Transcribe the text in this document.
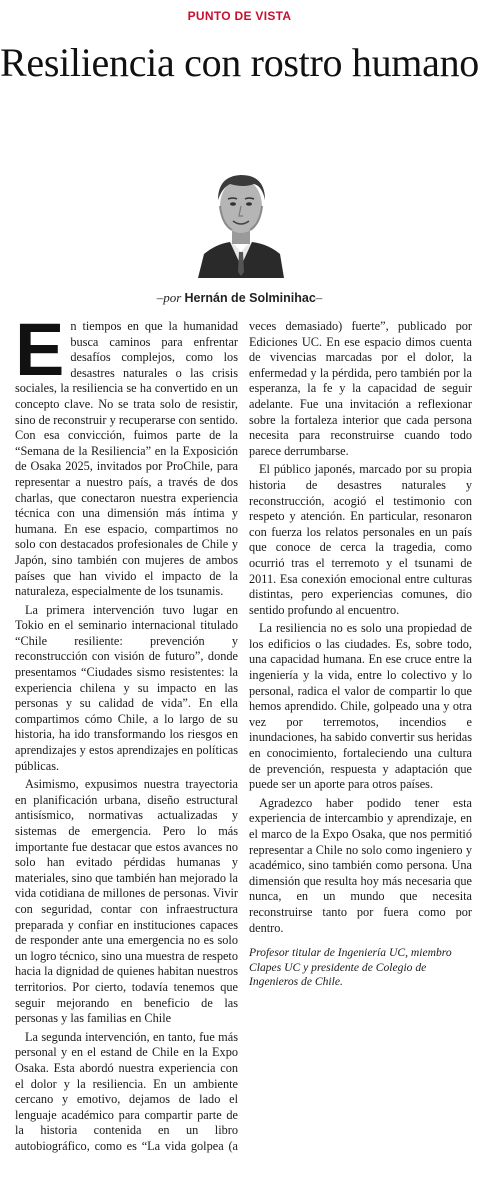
PUNTO DE VISTA
Resiliencia con rostro humano
–por Hernán de Solminihac–

En tiempos en que la humanidad busca caminos para enfrentar desafíos complejos, como los desastres naturales o las crisis sociales, la resiliencia se ha convertido en un concepto clave. No se trata solo de resistir, sino de reconstruir y recuperarse con sentido. Con esa convicción, fuimos parte de la “Semana de la Resiliencia” en la Exposición de Osaka 2025, invitados por ProChile, para representar a nuestro país, a través de dos charlas, que conectaron nuestra experiencia técnica con una dimensión más íntima y humana. En ese espacio, compartimos no solo con destacados profesionales de Chile y Japón, sino también con mujeres de ambos países que han vivido el impacto de la naturaleza, especialmente de los tsunamis.

La primera intervención tuvo lugar en Tokio en el seminario internacional titulado “Chile resiliente: prevención y reconstrucción con visión de futuro”, donde presentamos “Ciudades sismo resistentes: la experiencia chilena y su impacto en las personas y su calidad de vida”. En ella compartimos cómo Chile, a lo largo de su historia, ha ido transformando los riesgos en aprendizajes y estos aprendizajes en políticas públicas.

Asimismo, expusimos nuestra trayectoria en planificación urbana, diseño estructural antisísmico, normativas actualizadas y sistemas de emergencia. Pero lo más importante fue destacar que estos avances no solo han evitado pérdidas humanas y materiales, sino que también han mejorado la vida cotidiana de millones de personas. Vivir con seguridad, contar con infraestructura preparada y confiar en instituciones capaces de responder ante una emergencia no es solo un logro técnico, sino una muestra de respeto hacia la dignidad de quienes habitan nuestros territorios. Por cierto, todavía tenemos que seguir mejorando en beneficio de las personas y las familias en Chile

La segunda intervención, en tanto, fue más personal y en el estand de Chile en la Expo Osaka. Esta abordó nuestra experiencia con el dolor y la resiliencia. En un ambiente cercano y emotivo, dejamos de lado el lenguaje académico para compartir parte de la historia contenida en un libro autobiográfico, como es “La vida golpea (a veces demasiado) fuerte”, publicado por Ediciones UC. En ese espacio dimos cuenta de vivencias marcadas por el dolor, la enfermedad y la pérdida, pero también por la esperanza, la fe y la capacidad de seguir adelante. Fue una invitación a reflexionar sobre la fortaleza interior que cada persona necesita para reconstruirse cuando todo parece derrumbarse.

El público japonés, marcado por su propia historia de desastres naturales y reconstrucción, acogió el testimonio con respeto y atención. En particular, resonaron con fuerza los relatos personales en un país que conoce de cerca la tragedia, como ocurrió tras el terremoto y el tsunami de 2011. Esa conexión emocional entre culturas distintas, pero experiencias comunes, dio sentido profundo al encuentro.

La resiliencia no es solo una propiedad de los edificios o las ciudades. Es, sobre todo, una capacidad humana. En ese cruce entre la ingeniería y la vida, entre lo colectivo y lo personal, radica el valor de compartir lo que hemos aprendido. Chile, golpeado una y otra vez por terremotos, incendios e inundaciones, ha sabido convertir sus heridas en conocimiento, fortaleciendo una cultura de prevención, respuesta y adaptación que puede ser un aporte para otros países.

Agradezco haber podido tener esta experiencia de intercambio y aprendizaje, en el marco de la Expo Osaka, que nos permitió representar a Chile no solo como ingeniero y académico, sino también como persona. Una dimensión que resulta hoy más necesaria que nunca, en un mundo que necesita reconstruirse tanto por fuera como por dentro.

Profesor titular de Ingeniería UC, miembro Clapes UC y presidente de Colegio de Ingenieros de Chile.
